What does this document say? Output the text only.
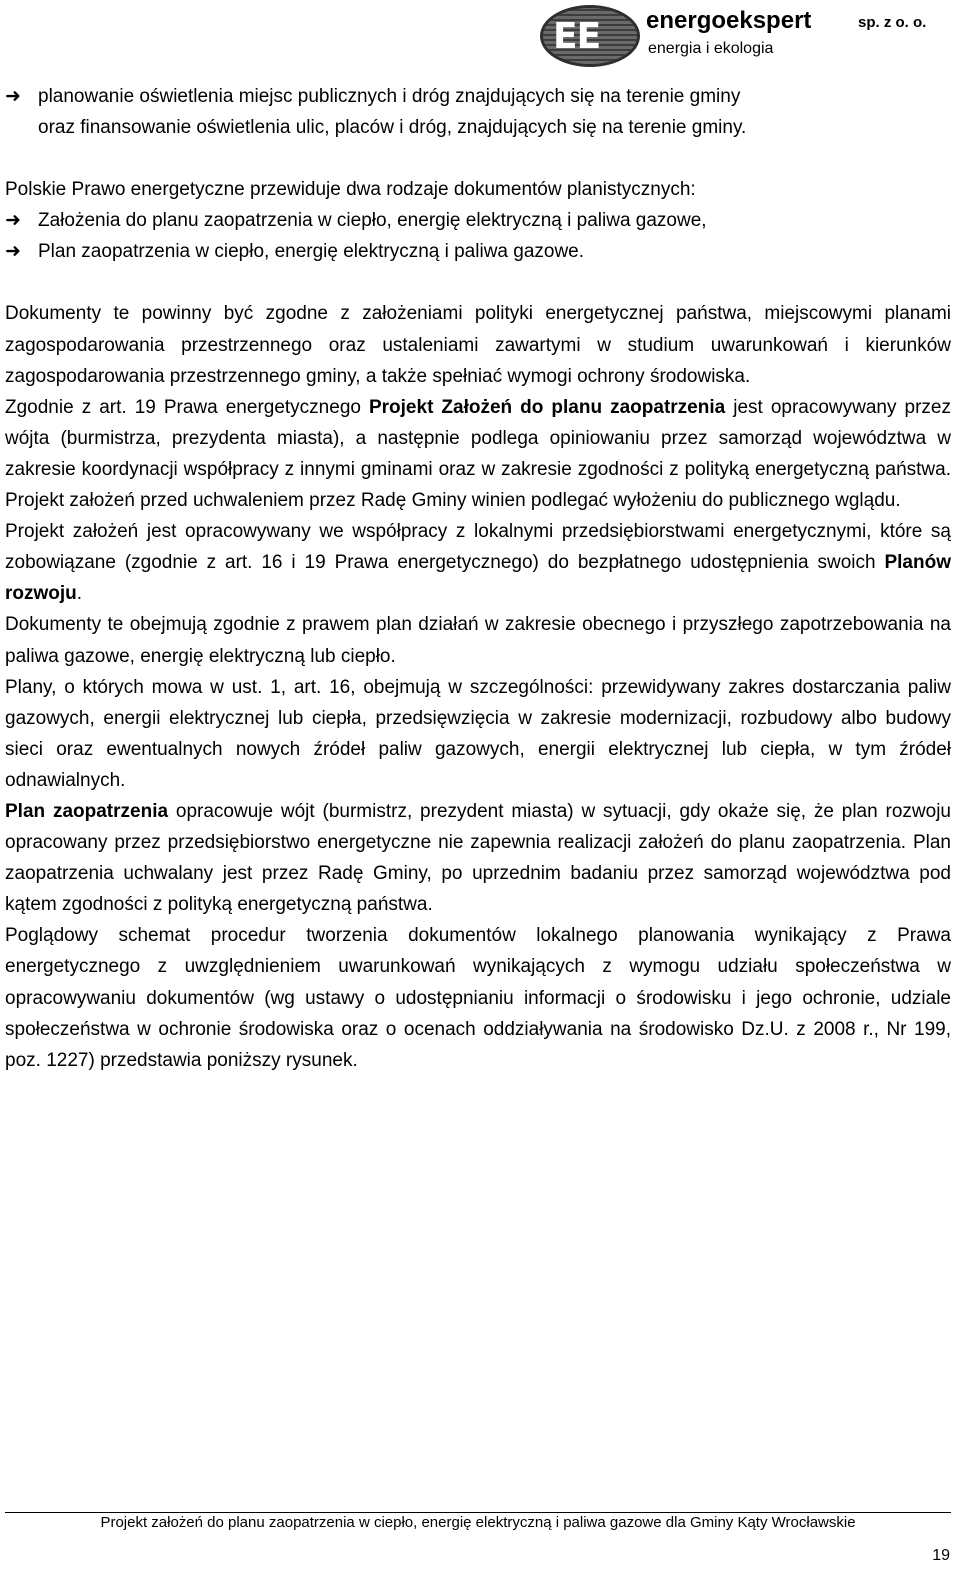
EE energoekspert	sp. z o. o.
energia i ekologia
➜ planowanie oświetlenia miejsc publicznych i dróg znajdujących się na terenie gminy
oraz finansowanie oświetlenia ulic, placów i dróg, znajdujących się na terenie gminy.

Polskie Prawo energetyczne przewiduje dwa rodzaje dokumentów planistycznych:

➜ Założenia do planu zaopatrzenia w ciepło, energię elektryczną i paliwa gazowe,
➜ Plan zaopatrzenia w ciepło, energię elektryczną i paliwa gazowe.

Dokumenty te powinny być zgodne z założeniami polityki energetycznej państwa, miejscowymi planami zagospodarowania przestrzennego oraz ustaleniami zawartymi w studium uwarunkowań i kierunków zagospodarowania przestrzennego gminy, a także spełniać wymogi ochrony środowiska.

Zgodnie z art. 19 Prawa energetycznego Projekt Założeń do planu zaopatrzenia jest opracowywany przez wójta (burmistrza, prezydenta miasta), a następnie podlega opiniowaniu przez samorząd województwa w zakresie koordynacji współpracy z innymi gminami oraz w zakresie zgodności z polityką energetyczną państwa. Projekt założeń przed uchwaleniem przez Radę Gminy winien podlegać wyłożeniu do publicznego wglądu.

Projekt założeń jest opracowywany we współpracy z lokalnymi przedsiębiorstwami energetycznymi, które są zobowiązane (zgodnie z art. 16 i 19 Prawa energetycznego) do bezpłatnego udostępnienia swoich Planów rozwoju.

Dokumenty te obejmują zgodnie z prawem plan działań w zakresie obecnego i przyszłego zapotrzebowania na paliwa gazowe, energię elektryczną lub ciepło.

Plany, o których mowa w ust. 1, art. 16, obejmują w szczególności: przewidywany zakres dostarczania paliw gazowych, energii elektrycznej lub ciepła, przedsięwzięcia w zakresie modernizacji, rozbudowy albo budowy sieci oraz ewentualnych nowych źródeł paliw gazowych, energii elektrycznej lub ciepła, w tym źródeł odnawialnych.

Plan zaopatrzenia opracowuje wójt (burmistrz, prezydent miasta) w sytuacji, gdy okaże się, że plan rozwoju opracowany przez przedsiębiorstwo energetyczne nie zapewnia realizacji założeń do planu zaopatrzenia. Plan zaopatrzenia uchwalany jest przez Radę Gminy, po uprzednim badaniu przez samorząd województwa pod kątem zgodności z polityką energetyczną państwa.

Poglądowy schemat procedur tworzenia dokumentów lokalnego planowania wynikający z Prawa energetycznego z uwzględnieniem uwarunkowań wynikających z wymogu udziału społeczeństwa w opracowywaniu dokumentów (wg ustawy o udostępnianiu informacji o środowisku i jego ochronie, udziale społeczeństwa w ochronie środowiska oraz o ocenach oddziaływania na środowisko Dz.U. z 2008 r., Nr 199, poz. 1227) przedstawia poniższy rysunek.

Projekt założeń do planu zaopatrzenia w ciepło, energię elektryczną i paliwa gazowe dla Gminy Kąty Wrocławskie
19
